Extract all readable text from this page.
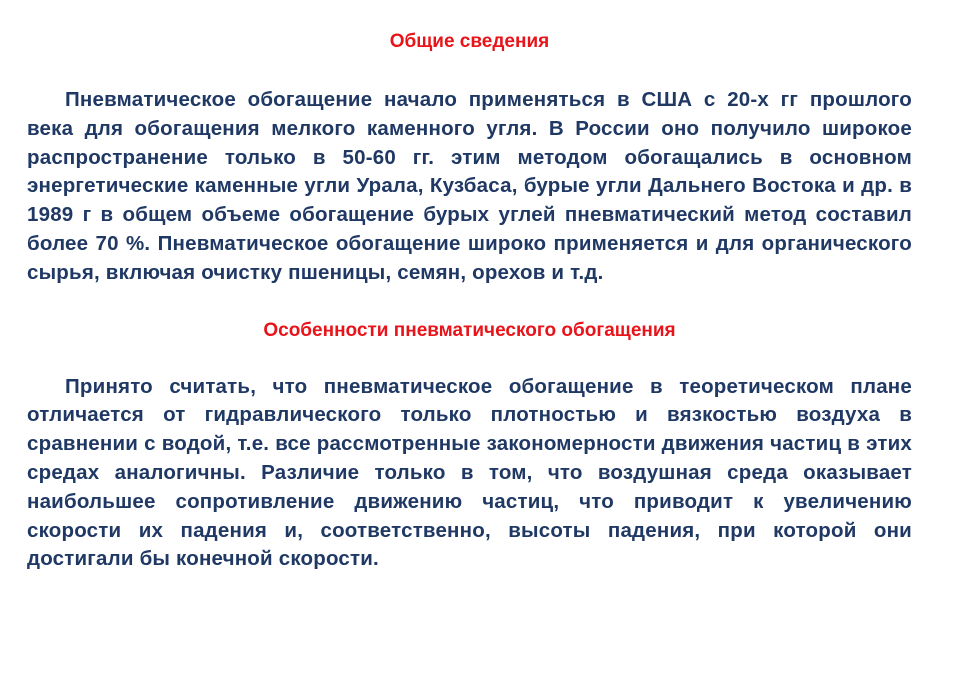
Общие сведения

Пневматическое обогащение начало применяться в США с 20-х гг прошлого века для обогащения мелкого каменного угля. В России оно получило широкое распространение только в 50-60 гг. этим методом обогащались в основном энергетические каменные угли Урала, Кузбаса, бурые угли Дальнего Востока и др. в 1989 г в общем объеме обогащение бурых углей пневматический метод составил более 70 %. Пневматическое обогащение широко применяется и для органического сырья, включая очистку пшеницы, семян, орехов и т.д.

Особенности пневматического обогащения

Принято считать, что пневматическое обогащение в теоретическом плане отличается от гидравлического только плотностью и вязкостью воздуха в сравнении с водой, т.е. все рассмотренные закономерности движения частиц в этих средах аналогичны. Различие только в том, что воздушная среда оказывает наибольшее сопротивление движению частиц, что приводит к увеличению скорости их падения и, соответственно, высоты падения, при которой они достигали бы конечной скорости.
